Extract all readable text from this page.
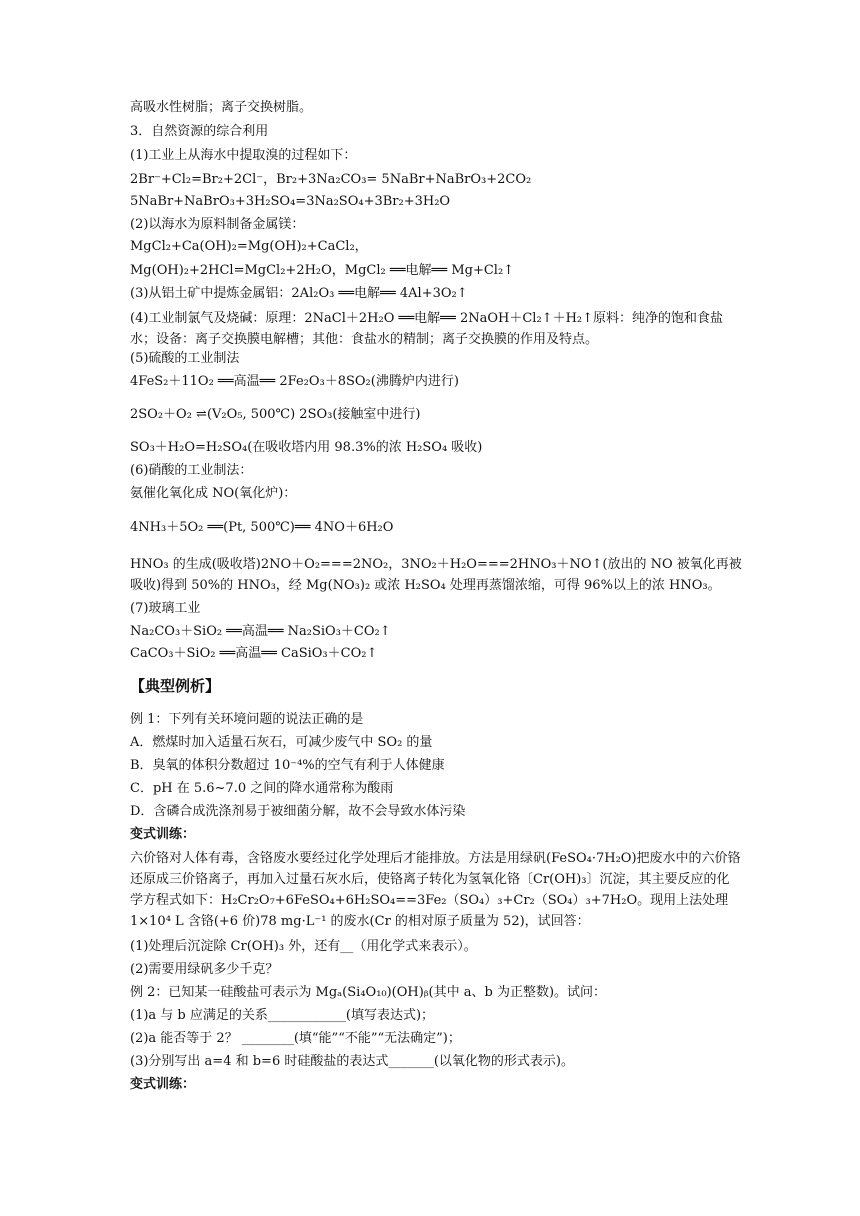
高吸水性树脂；离子交换树脂。
3．自然资源的综合利用
(1)工业上从海水中提取溴的过程如下：
2Br⁻+Cl₂=Br₂+2Cl⁻，Br₂+3Na₂CO₃= 5NaBr+NaBrO₃+2CO₂
5NaBr+NaBrO₃+3H₂SO₄=3Na₂SO₄+3Br₂+3H₂O
(2)以海水为原料制备金属镁：
MgCl₂+Ca(OH)₂=Mg(OH)₂+CaCl₂，
Mg(OH)₂+2HCl=MgCl₂+2H₂O，MgCl₂ ══电解══ Mg+Cl₂↑
(3)从铝土矿中提炼金属铝：2Al₂O₃ ══电解══ 4Al+3O₂↑
(4)工业制氯气及烧碱：原理：2NaCl＋2H₂O ══电解══ 2NaOH＋Cl₂↑＋H₂↑原料：纯净的饱和食盐水；设备：离子交换膜电解槽；其他：食盐水的精制；离子交换膜的作用及特点。
(5)硫酸的工业制法
4FeS₂＋11O₂ ══高温══ 2Fe₂O₃＋8SO₂(沸腾炉内进行)
2SO₂＋O₂ ⇌(V₂O₅, 500℃) 2SO₃(接触室中进行)
SO₃＋H₂O=H₂SO₄(在吸收塔内用 98.3%的浓 H₂SO₄ 吸收)
(6)硝酸的工业制法：
氨催化氧化成 NO(氧化炉)：
4NH₃＋5O₂ ══(Pt, 500℃)══ 4NO＋6H₂O
HNO₃ 的生成(吸收塔)2NO＋O₂===2NO₂，3NO₂＋H₂O===2HNO₃＋NO↑(放出的 NO 被氧化再被吸收)得到 50%的 HNO₃，经 Mg(NO₃)₂ 或浓 H₂SO₄ 处理再蒸馏浓缩，可得 96%以上的浓 HNO₃。
(7)玻璃工业
Na₂CO₃＋SiO₂ ══高温══ Na₂SiO₃＋CO₂↑
CaCO₃＋SiO₂ ══高温══ CaSiO₃＋CO₂↑
【典型例析】
例 1：下列有关环境问题的说法正确的是
A．燃煤时加入适量石灰石，可减少废气中 SO₂ 的量
B．臭氧的体积分数超过 10⁻⁴%的空气有利于人体健康
C．pH 在 5.6~7.0 之间的降水通常称为酸雨
D．含磷合成洗涤剂易于被细菌分解，故不会导致水体污染
变式训练：
六价铬对人体有毒，含铬废水要经过化学处理后才能排放。方法是用绿矾(FeSO₄·7H₂O)把废水中的六价铬还原成三价铬离子，再加入过量石灰水后，使铬离子转化为氢氧化铬〔Cr(OH)₃〕沉淀，其主要反应的化学方程式如下：H₂Cr₂O₇+6FeSO₄+6H₂SO₄==3Fe₂（SO₄）₃+Cr₂（SO₄）₃+7H₂O。现用上法处理 1×10⁴ L 含铬(+6 价)78 mg·L⁻¹ 的废水(Cr 的相对原子质量为 52)，试回答：
(1)处理后沉淀除 Cr(OH)₃ 外，还有__（用化学式来表示）。
(2)需要用绿矾多少千克？
例 2：已知某一硅酸盐可表示为 Mgₐ(Si₄O₁₀)(OH)ᵦ(其中 a、b 为正整数)。试问：
(1)a 与 b 应满足的关系____________(填写表达式)；
(2)a 能否等于 2？ ________(填“能”“不能”“无法确定”)；
(3)分别写出 a=4 和 b=6 时硅酸盐的表达式_______(以氧化物的形式表示)。
变式训练：
